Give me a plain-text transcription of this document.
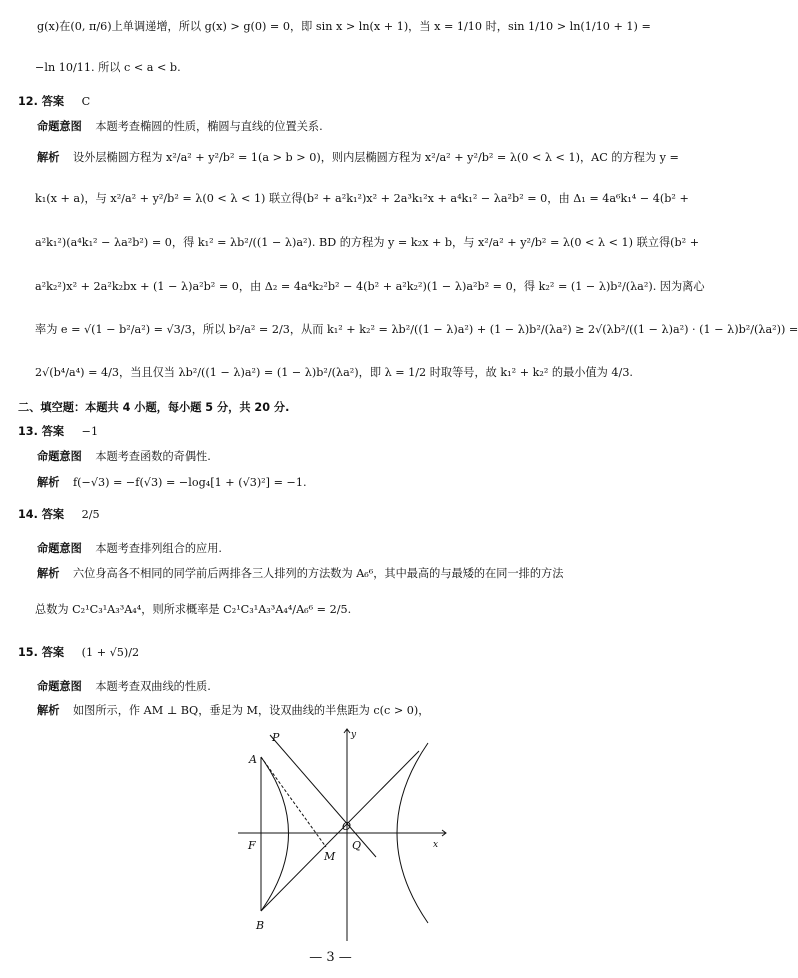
g(x)在(0, π/6)上单调递增，所以 g(x) > g(0) = 0，即 sin x > ln(x + 1)，当 x = 1/10 时，sin 1/10 > ln(1/10 + 1) =
−ln 10/11. 所以 c < a < b.
12. 答案 C
命题意图 本题考查椭圆的性质，椭圆与直线的位置关系.
解析 设外层椭圆方程为 x²/a² + y²/b² = 1(a > b > 0)，则内层椭圆方程为 x²/a² + y²/b² = λ(0 < λ < 1)，AC 的方程为 y =
k₁(x + a)，与 x²/a² + y²/b² = λ(0 < λ < 1) 联立得(b² + a²k₁²)x² + 2a³k₁²x + a⁴k₁² − λa²b² = 0，由 Δ₁ = 4a⁶k₁⁴ − 4(b² +
a²k₁²)(a⁴k₁² − λa²b²) = 0，得 k₁² = λb²/((1 − λ)a²). BD 的方程为 y = k₂x + b，与 x²/a² + y²/b² = λ(0 < λ < 1) 联立得(b² +
a²k₂²)x² + 2a²k₂bx + (1 − λ)a²b² = 0，由 Δ₂ = 4a⁴k₂²b² − 4(b² + a²k₂²)(1 − λ)a²b² = 0，得 k₂² = (1 − λ)b²/(λa²). 因为离心
率为 e = √(1 − b²/a²) = √3/3，所以 b²/a² = 2/3，从而 k₁² + k₂² = λb²/((1 − λ)a²) + (1 − λ)b²/(λa²) ≥ 2√(λb²/((1 − λ)a²) · (1 − λ)b²/(λa²)) =
2√(b⁴/a⁴) = 4/3，当且仅当 λb²/((1 − λ)a²) = (1 − λ)b²/(λa²)，即 λ = 1/2 时取等号，故 k₁² + k₂² 的最小值为 4/3.
二、填空题：本题共 4 小题，每小题 5 分，共 20 分.
13. 答案 −1
命题意图 本题考查函数的奇偶性.
解析 f(−√3) = −f(√3) = −log₄[1 + (√3)²] = −1.
14. 答案 2/5
命题意图 本题考查排列组合的应用.
解析 六位身高各不相同的同学前后两排各三人排列的方法数为 A₆⁶，其中最高的与最矮的在同一排的方法
总数为 C₂¹C₃¹A₃³A₄⁴，则所求概率是 C₂¹C₃¹A₃³A₄⁴/A₆⁶ = 2/5.
15. 答案 (1 + √5)/2
命题意图 本题考查双曲线的性质.
解析 如图所示，作 AM ⊥ BQ，垂足为 M，设双曲线的半焦距为 c(c > 0)，
P
A
y
O
F
M
Q	x
B
— 3 —
